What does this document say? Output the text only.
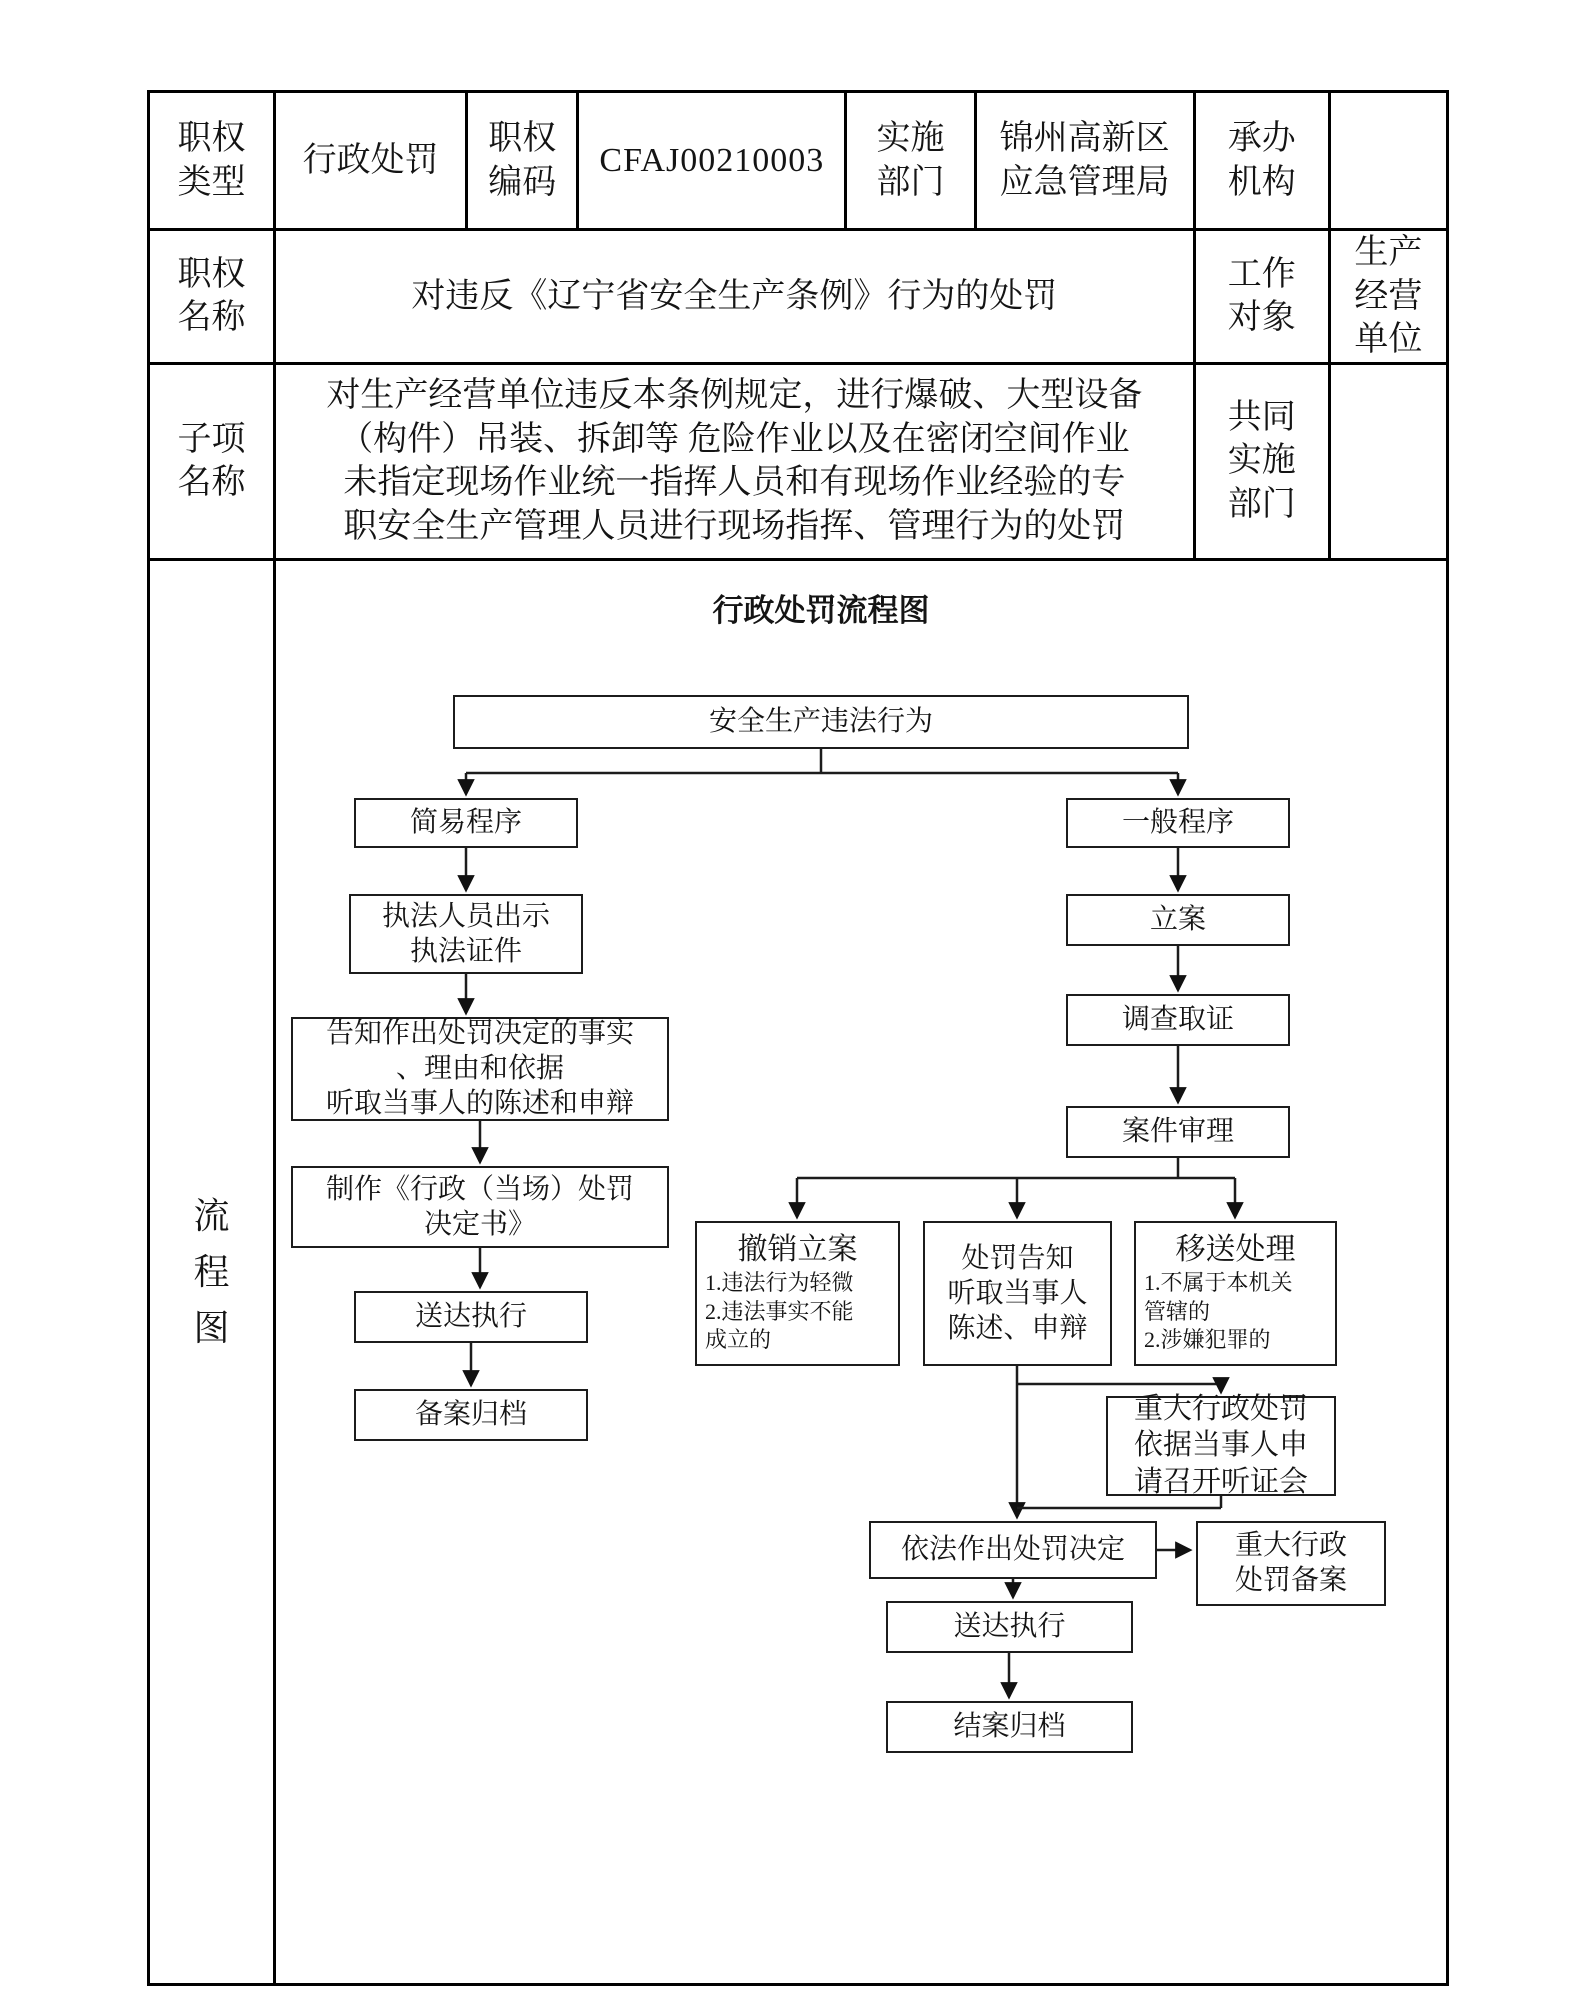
职权类型	行政处罚	职权编码	CFAJ00210003	实施部门	锦州高新区应急管理局	承办机构	

职权名称	对违反《辽宁省安全生产条例》行为的处罚					工作对象	生产经营单位

子项名称	对生产经营单位违反本条例规定，进行爆破、大型设备
（构件）吊装、拆卸等 危险作业以及在密闭空间作业
未指定现场作业统一指挥人员和有现场作业经验的专
职安全生产管理人员进行现场指挥、管理行为的处罚					共同实施部门	

流程图

行政处罚流程图
安全生产违法行为
简易程序	一般程序
执法人员出示
执法证件
告知作出处罚决定的事实
、理由和依据
听取当事人的陈述和申辩
制作《行政（当场）处罚
决定书》
送达执行
备案归档
立案
调查取证
案件审理
撤销立案
1.违法行为轻微
2.违法事实不能
成立的
处罚告知
听取当事人
陈述、申辩
移送处理
1.不属于本机关
管辖的
2.涉嫌犯罪的
重大行政处罚
依据当事人申
请召开听证会
依法作出处罚决定	重大行政
处罚备案
送达执行
结案归档
